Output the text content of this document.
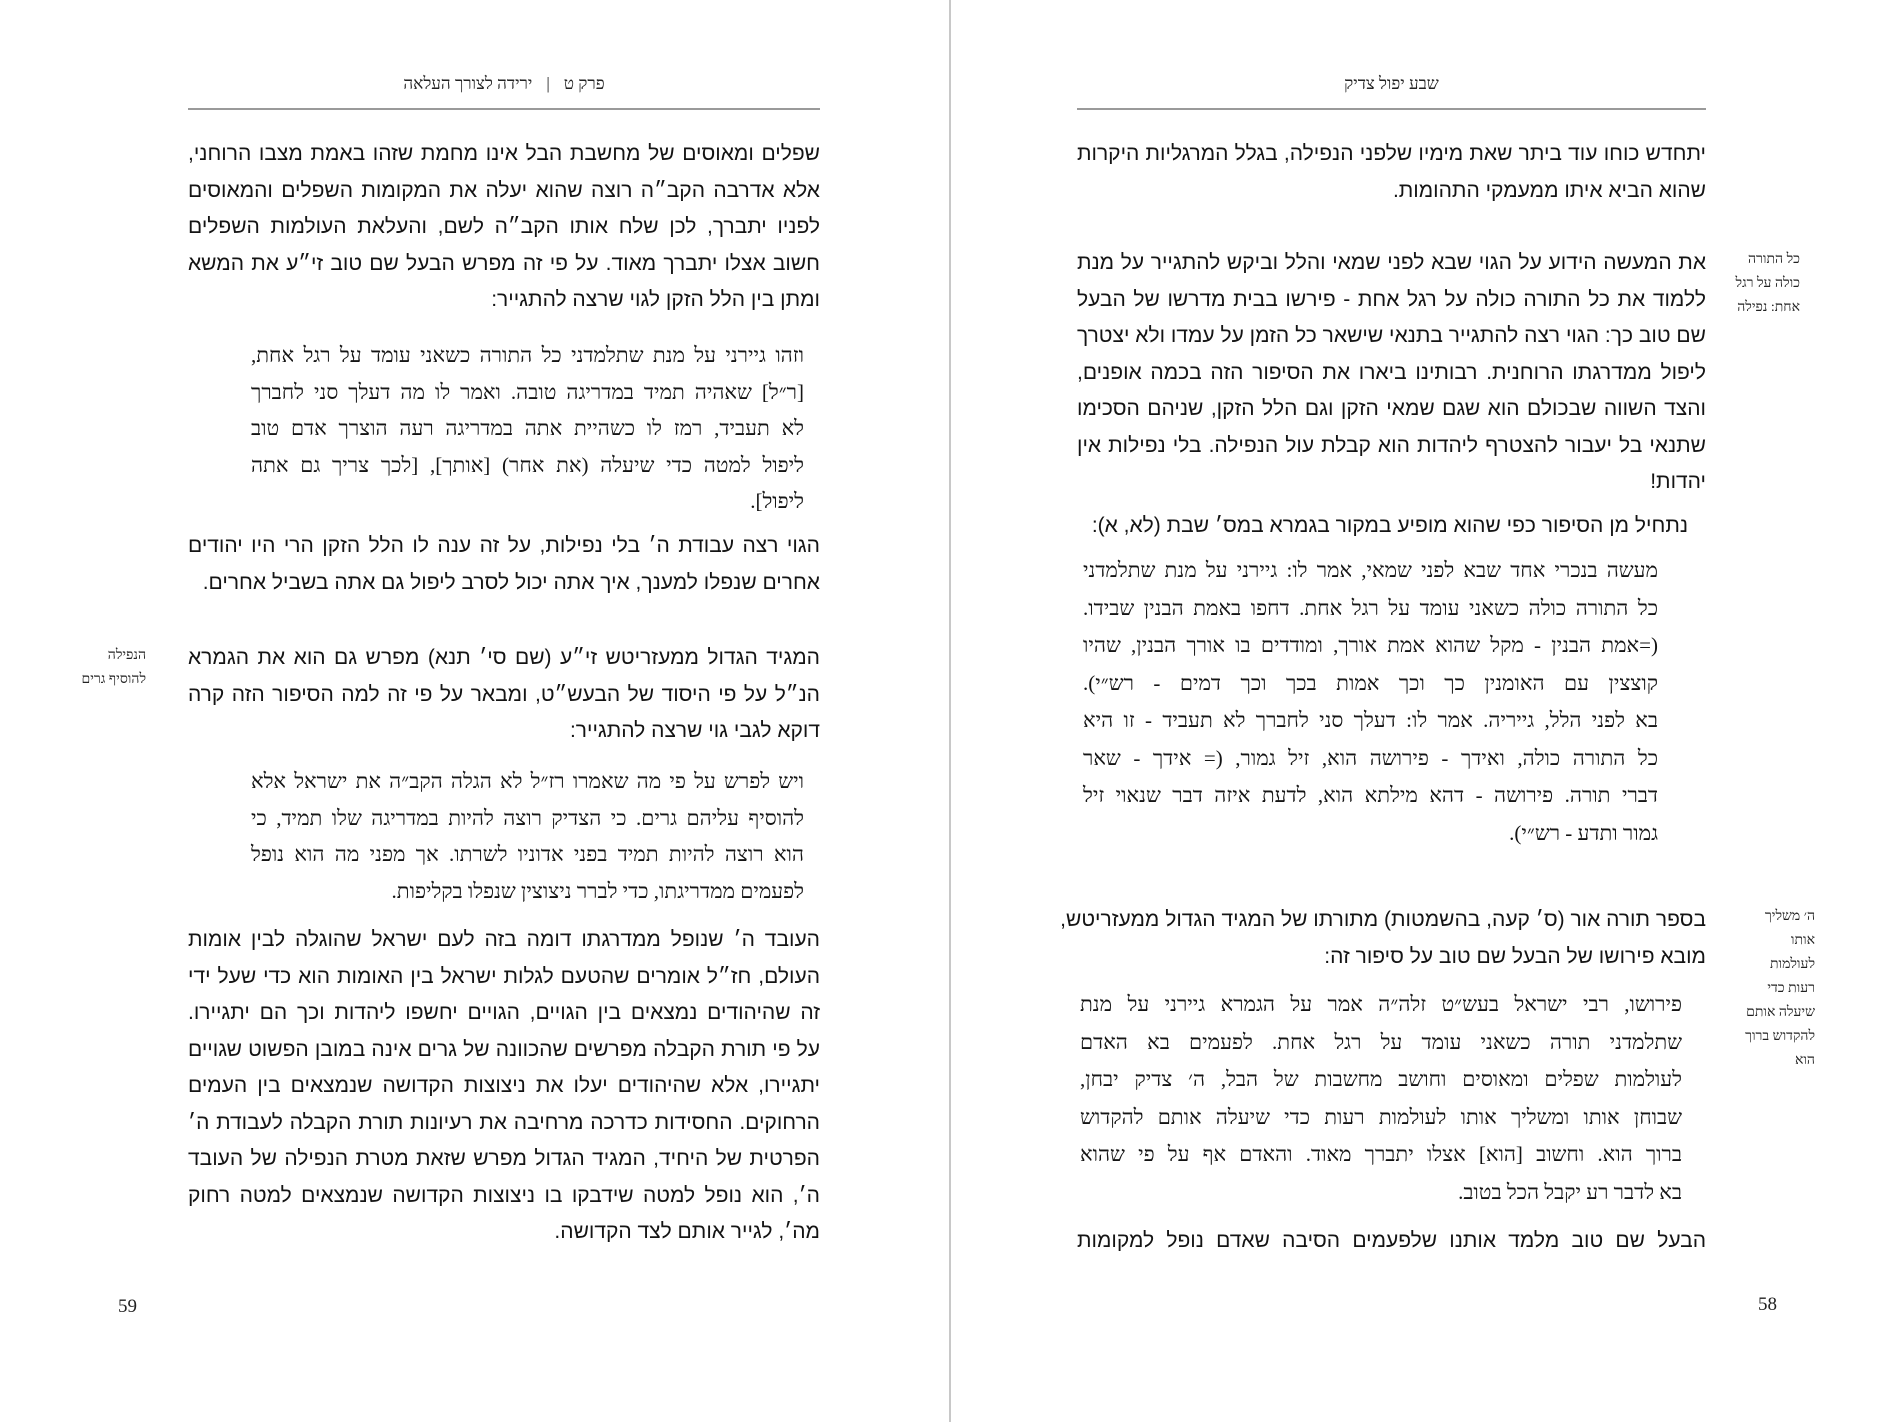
פרק ט|ירידה לצורך העלאה
שפלים ומאוסים של מחשבת הבל אינו מחמת שזהו באמת מצבו הרוחני,
אלא אדרבה הקב״ה רוצה שהוא יעלה את המקומות השפלים והמאוסים
לפניו יתברך, לכן שלח אותו הקב״ה לשם, והעלאת העולמות השפלים
חשוב אצלו יתברך מאוד. על פי זה מפרש הבעל שם טוב זי״ע את המשא
ומתן בין הלל הזקן לגוי שרצה להתגייר:
וזהו גיירני על מנת שתלמדני כל התורה כשאני עומד על רגל אחת,
[ר״ל] שאהיה תמיד במדריגה טובה. ואמר לו מה דעלך סני לחברך
לא תעביד, רמז לו כשהיית אתה במדריגה רעה הוצרך אדם טוב
ליפול למטה כדי שיעלה (את אחר) [אותך], [לכך צריך גם אתה
ליפול].
הגוי רצה עבודת ה׳ בלי נפילות, על זה ענה לו הלל הזקן הרי היו יהודים
אחרים שנפלו למענך, איך אתה יכול לסרב ליפול גם אתה בשביל אחרים.
המגיד הגדול ממעזריטש זי״ע (שם סי׳ תנא) מפרש גם הוא את הגמרא
הנ״ל על פי היסוד של הבעש״ט, ומבאר על פי זה למה הסיפור הזה קרה
דוקא לגבי גוי שרצה להתגייר:
ויש לפרש על פי מה שאמרו רז״ל לא הגלה הקב״ה את ישראל אלא
להוסיף עליהם גרים. כי הצדיק רוצה להיות במדריגה שלו תמיד, כי
הוא רוצה להיות תמיד בפני אדוניו לשרתו. אך מפני מה הוא נופל
לפעמים ממדריגתו, כדי לברר ניצוצין שנפלו בקליפות.
העובד ה׳ שנופל ממדרגתו דומה בזה לעם ישראל שהוגלה לבין אומות
העולם, חז״ל אומרים שהטעם לגלות ישראל בין האומות הוא כדי שעל ידי
זה שהיהודים נמצאים בין הגויים, הגויים יחשפו ליהדות וכך הם יתגיירו.
על פי תורת הקבלה מפרשים שהכוונה של גרים אינה במובן הפשוט שגויים
יתגיירו, אלא שהיהודים יעלו את ניצוצות הקדושה שנמצאים בין העמים
הרחוקים. החסידות כדרכה מרחיבה את רעיונות תורת הקבלה לעבודת ה׳
הפרטית של היחיד, המגיד הגדול מפרש שזאת מטרת הנפילה של העובד
ה׳, הוא נופל למטה שידבקו בו ניצוצות הקדושה שנמצאים למטה רחוק
מה׳, לגייר אותם לצד הקדושה.
הנפילה
להוסיף גרים
59
שבע יפול צדיק
יתחדש כוחו עוד ביתר שאת מימיו שלפני הנפילה, בגלל המרגליות היקרות
שהוא הביא איתו ממעמקי התהומות.
את המעשה הידוע על הגוי שבא לפני שמאי והלל וביקש להתגייר על מנת
ללמוד את כל התורה כולה על רגל אחת - פירשו בבית מדרשו של הבעל
שם טוב כך: הגוי רצה להתגייר בתנאי שישאר כל הזמן על עמדו ולא יצטרך
ליפול ממדרגתו הרוחנית. רבותינו ביארו את הסיפור הזה בכמה אופנים,
והצד השווה שבכולם הוא שגם שמאי הזקן וגם הלל הזקן, שניהם הסכימו
שתנאי בל יעבור להצטרף ליהדות הוא קבלת עול הנפילה. בלי נפילות אין
יהדות!
נתחיל מן הסיפור כפי שהוא מופיע במקור בגמרא במס׳ שבת (לא, א):
מעשה בנכרי אחד שבא לפני שמאי, אמר לו: גיירני על מנת שתלמדני
כל התורה כולה כשאני עומד על רגל אחת. דחפו באמת הבנין שבידו.
(=אמת הבנין - מקל שהוא אמת אורך, ומודדים בו אורך הבנין, שהיו
קוצצין עם האומנין כך וכך אמות בכך וכך דמים - רש״י).
בא לפני הלל, גייריה. אמר לו: דעלך סני לחברך לא תעביד - זו היא
כל התורה כולה, ואידך - פירושה הוא, זיל גמור, (= אידך - שאר
דברי תורה. פירושה - דהא מילתא הוא, לדעת איזה דבר שנאוי זיל
גמור ותדע - רש״י).
בספר תורה אור (ס׳ קעה, בהשמטות) מתורתו של המגיד הגדול ממעזריטש,
מובא פירושו של הבעל שם טוב על סיפור זה:
פירושו, רבי ישראל בעש״ט זלה״ה אמר על הגמרא גיירני על מנת
שתלמדני תורה כשאני עומד על רגל אחת. לפעמים בא האדם
לעולמות שפלים ומאוסים וחושב מחשבות של הבל, ה׳ צדיק יבחן,
שבוחן אותו ומשליך אותו לעולמות רעות כדי שיעלה אותם להקדוש
ברוך הוא. וחשוב [הוא] אצלו יתברך מאוד. והאדם אף על פי שהוא
בא לדבר רע יקבל הכל בטוב.
הבעל שם טוב מלמד אותנו שלפעמים הסיבה שאדם נופל למקומות
כל התורה
כולה על רגל
אחת: נפילה
ה׳ משליך
אותו
לעולמות
רעות כדי
שיעלה אותם
להקדוש ברוך
הוא
58
